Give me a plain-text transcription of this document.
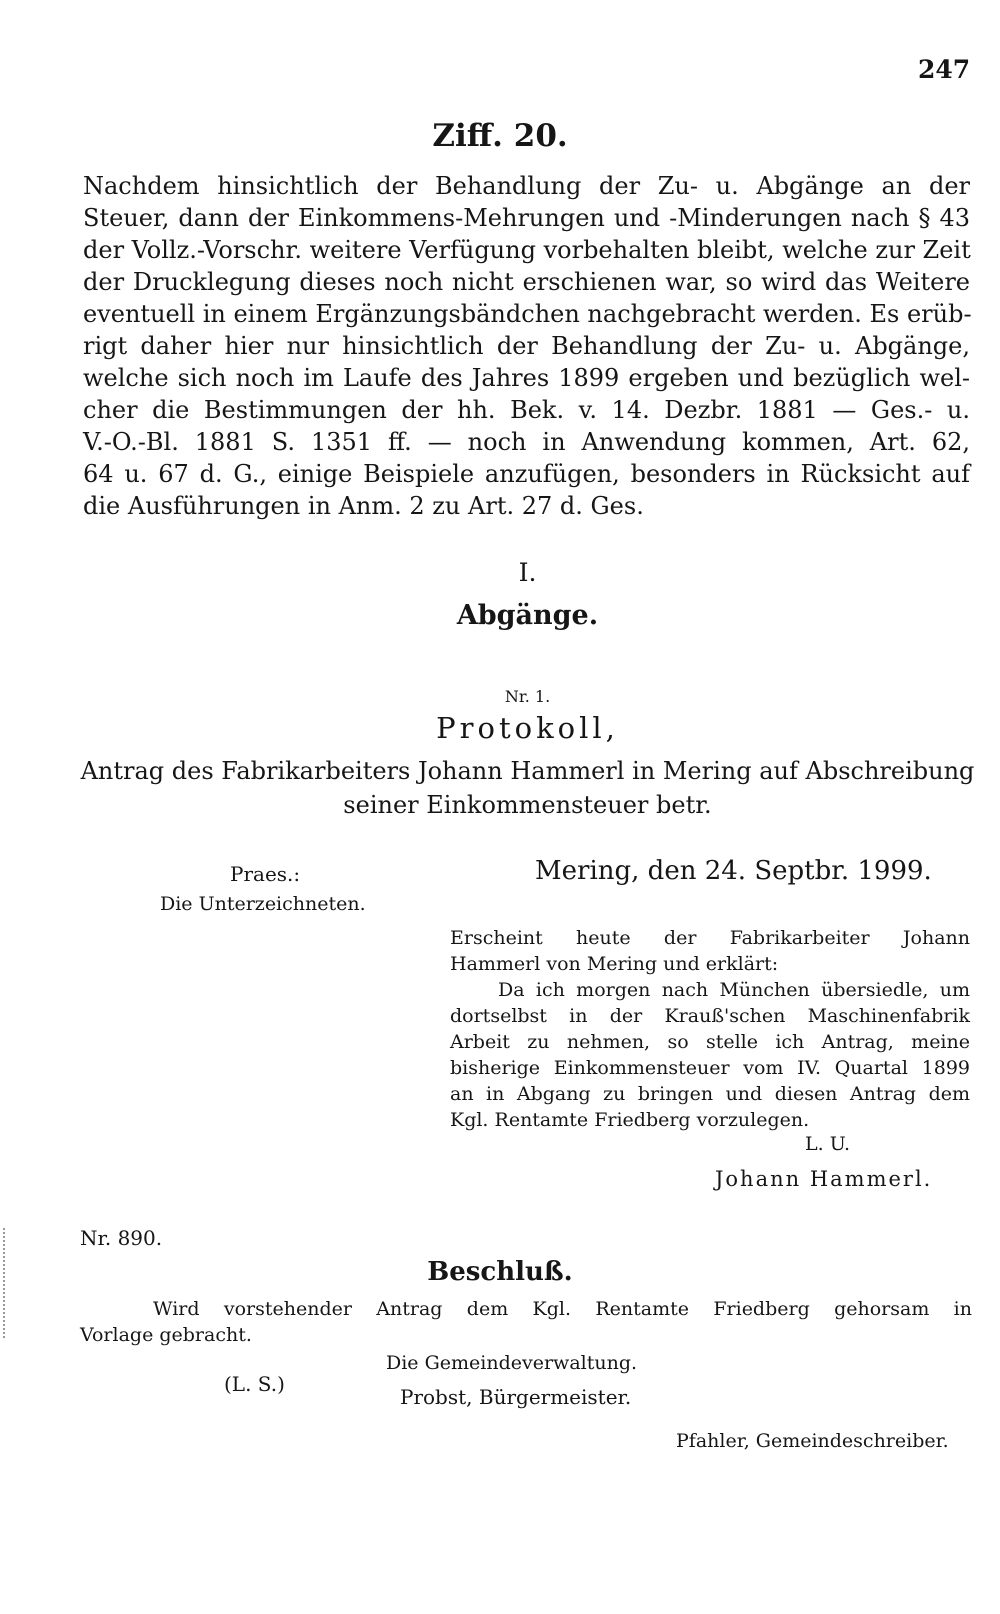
247
Ziff. 20.
Nachdem hinsichtlich der Behandlung der Zu- u. Abgänge an der
Steuer, dann der Einkommens-Mehrungen und -Minderungen nach § 43
der Vollz.-Vorschr. weitere Verfügung vorbehalten bleibt, welche zur Zeit
der Drucklegung dieses noch nicht erschienen war, so wird das Weitere
eventuell in einem Ergänzungsbändchen nachgebracht werden. Es erüb-
rigt daher hier nur hinsichtlich der Behandlung der Zu- u. Abgänge,
welche sich noch im Laufe des Jahres 1899 ergeben und bezüglich wel-
cher die Bestimmungen der hh. Bek. v. 14. Dezbr. 1881 — Ges.- u.
V.-O.-Bl. 1881 S. 1351 ff. — noch in Anwendung kommen, Art. 62,
64 u. 67 d. G., einige Beispiele anzufügen, besonders in Rücksicht auf
die Ausführungen in Anm. 2 zu Art. 27 d. Ges.
I.
Abgänge.
Nr. 1.
Protokoll,
Antrag des Fabrikarbeiters Johann Hammerl in Mering auf Abschreibung
seiner Einkommensteuer betr.
Praes.:
Die Unterzeichneten.
Mering, den 24. Septbr. 1999.
Erscheint heute der Fabrikarbeiter Johann
Hammerl von Mering und erklärt:
Da ich morgen nach München übersiedle, um
dortselbst in der Krauß'schen Maschinenfabrik
Arbeit zu nehmen, so stelle ich Antrag, meine
bisherige Einkommensteuer vom IV. Quartal 1899
an in Abgang zu bringen und diesen Antrag dem
Kgl. Rentamte Friedberg vorzulegen.
L. U.
Johann Hammerl.
Nr. 890.
Beschluß.
Wird vorstehender Antrag dem Kgl. Rentamte Friedberg gehorsam in
Vorlage gebracht.
Die Gemeindeverwaltung.
(L. S.)
Probst, Bürgermeister.
Pfahler, Gemeindeschreiber.
